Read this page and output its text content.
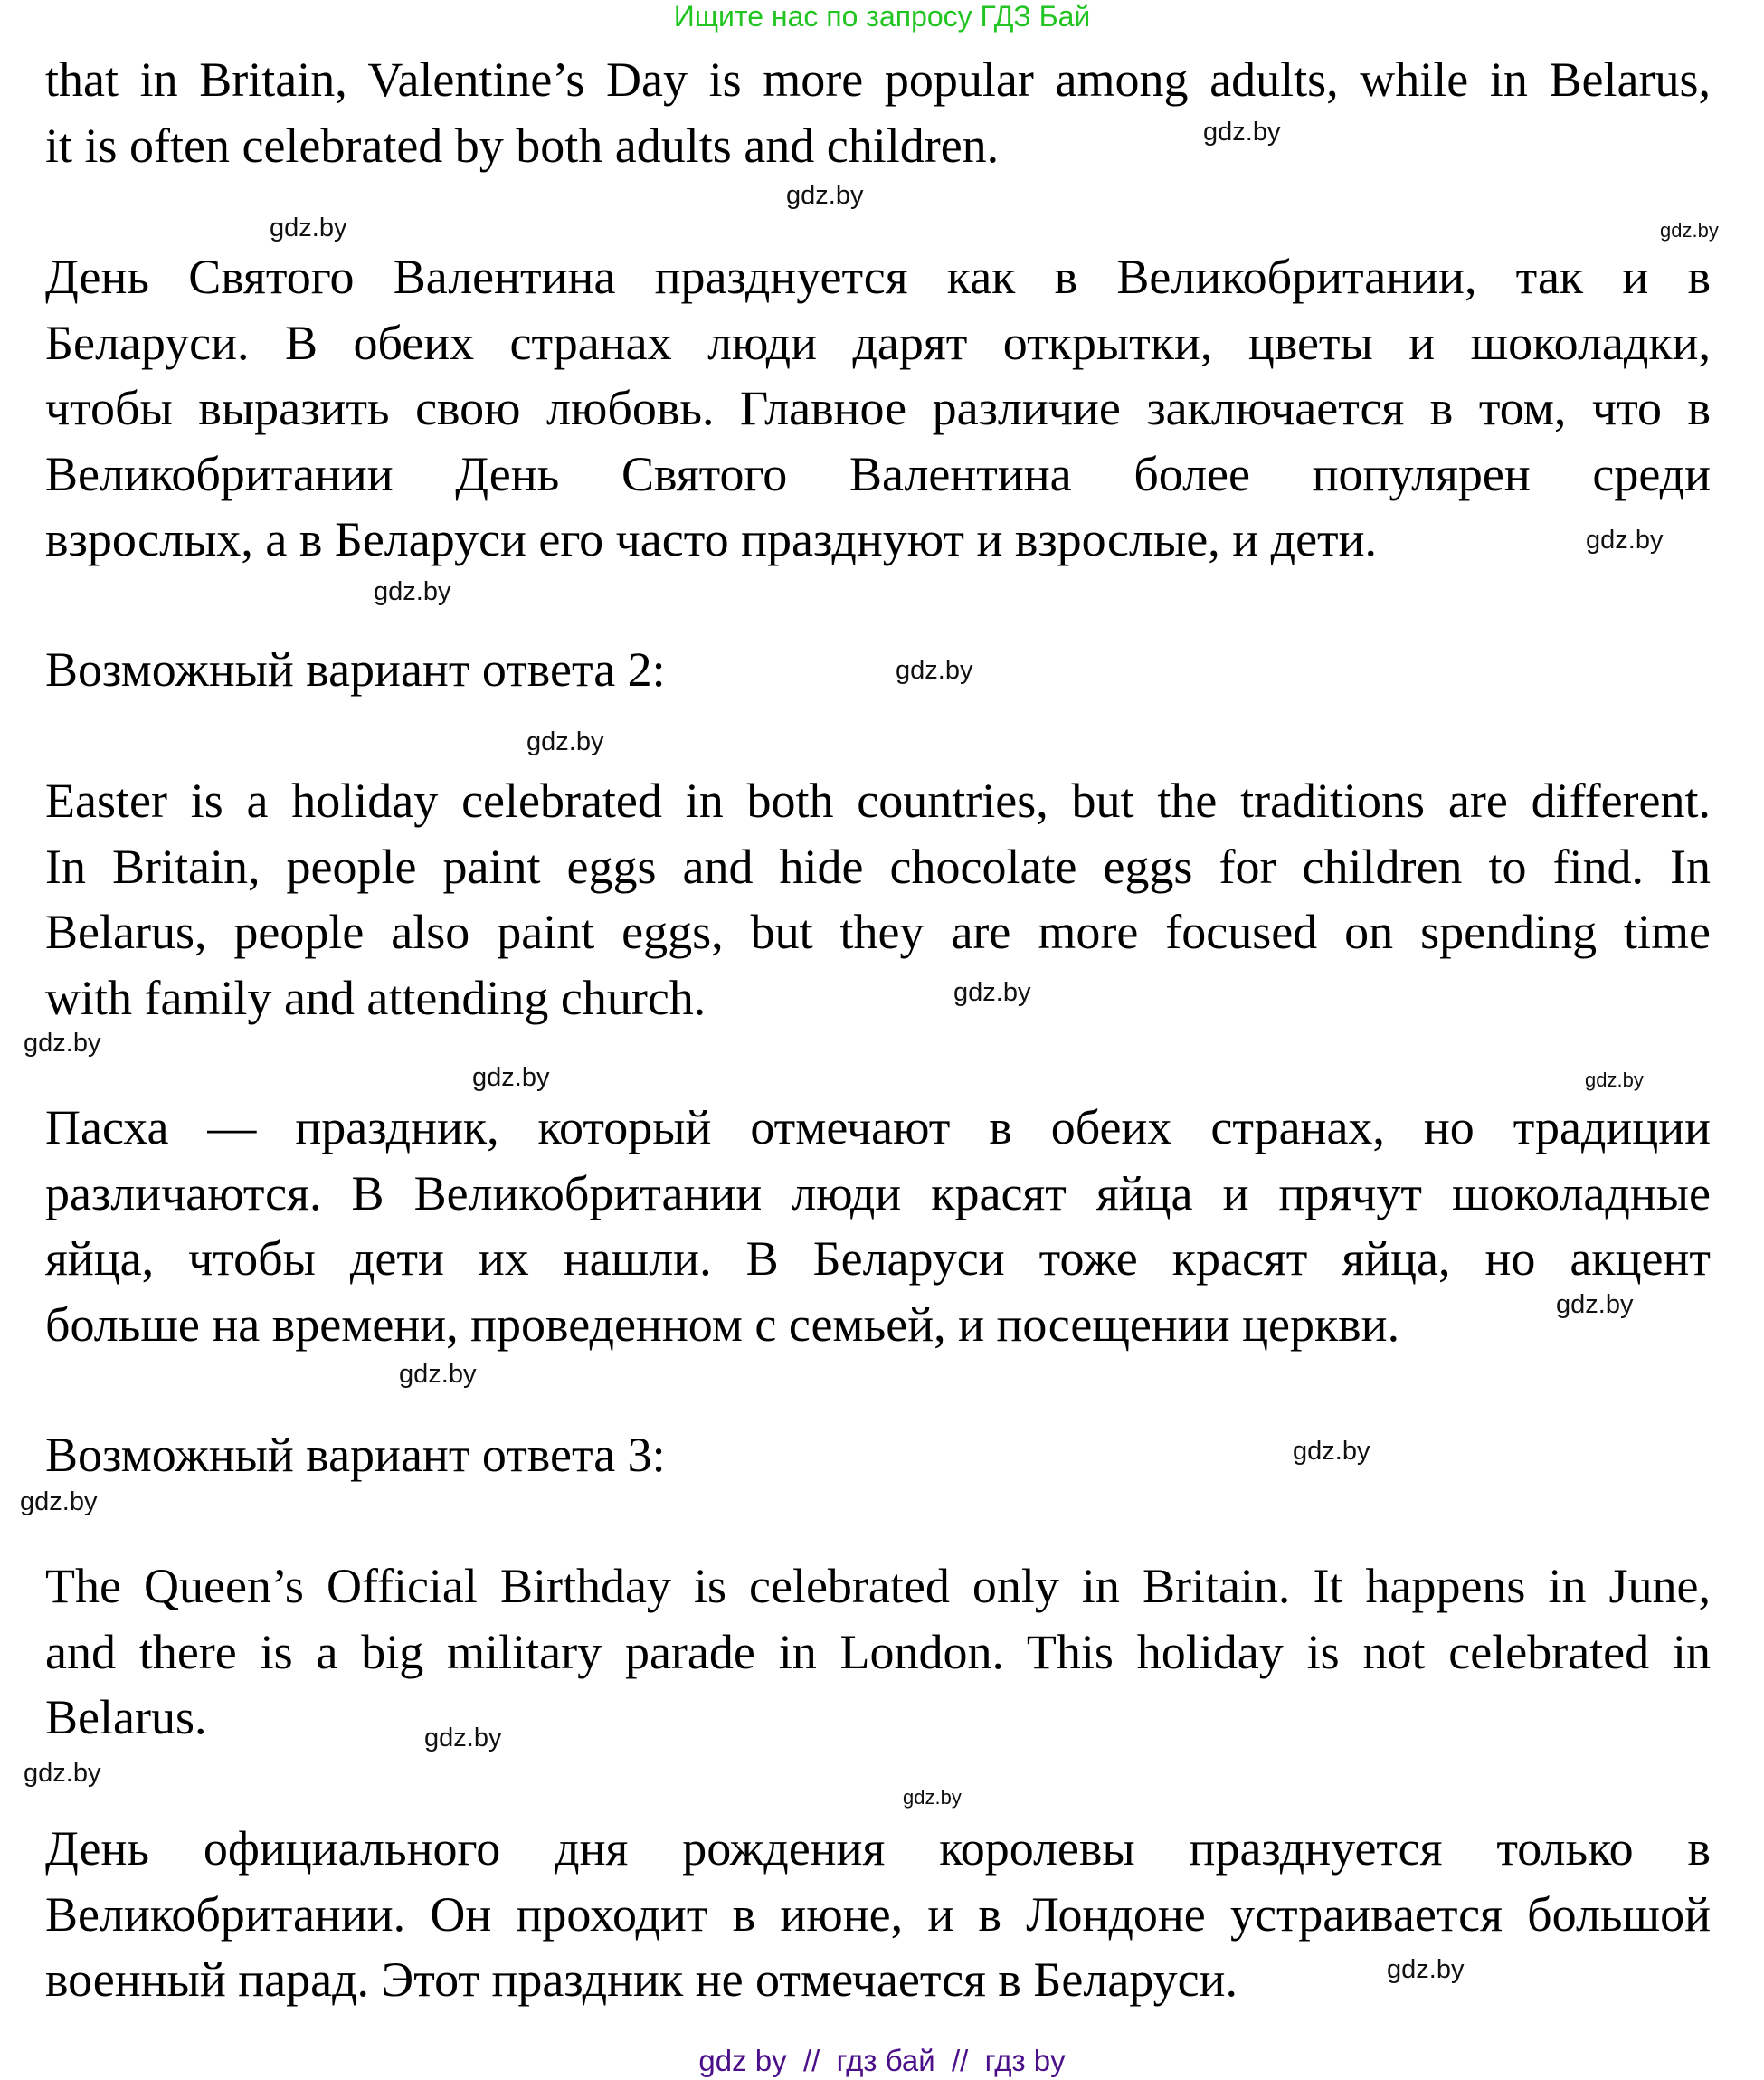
Ищите нас по запросу ГДЗ Бай
that in Britain, Valentine’s Day is more popular among adults, while in Belarus,
it is often celebrated by both adults and children.
День Святого Валентина празднуется как в Великобритании, так и в
Беларуси. В обеих странах люди дарят открытки, цветы и шоколадки,
чтобы выразить свою любовь. Главное различие заключается в том, что в
Великобритании День Святого Валентина более популярен среди
взрослых, а в Беларуси его часто празднуют и взрослые, и дети.
Возможный вариант ответа 2:
Easter is a holiday celebrated in both countries, but the traditions are different.
In Britain, people paint eggs and hide chocolate eggs for children to find. In
Belarus, people also paint eggs, but they are more focused on spending time
with family and attending church.
Пасха — праздник, который отмечают в обеих странах, но традиции
различаются. В Великобритании люди красят яйца и прячут шоколадные
яйца, чтобы дети их нашли. В Беларуси тоже красят яйца, но акцент
больше на времени, проведенном с семьей, и посещении церкви.
Возможный вариант ответа 3:
The Queen’s Official Birthday is celebrated only in Britain. It happens in June,
and there is a big military parade in London. This holiday is not celebrated in
Belarus.
День официального дня рождения королевы празднуется только в
Великобритании. Он проходит в июне, и в Лондоне устраивается большой
военный парад. Этот праздник не отмечается в Беларуси.
gdz.by
gdz.by
gdz.by	gdz.by
gdz.by
gdz.by
gdz.by
gdz.by
gdz.by
gdz.by
gdz.by	gdz.by
gdz.by
gdz.by
gdz.by
gdz.by
gdz.by
gdz.by
gdz.by
gdz.by
gdz by  //  гдз бай  //  гдз by
